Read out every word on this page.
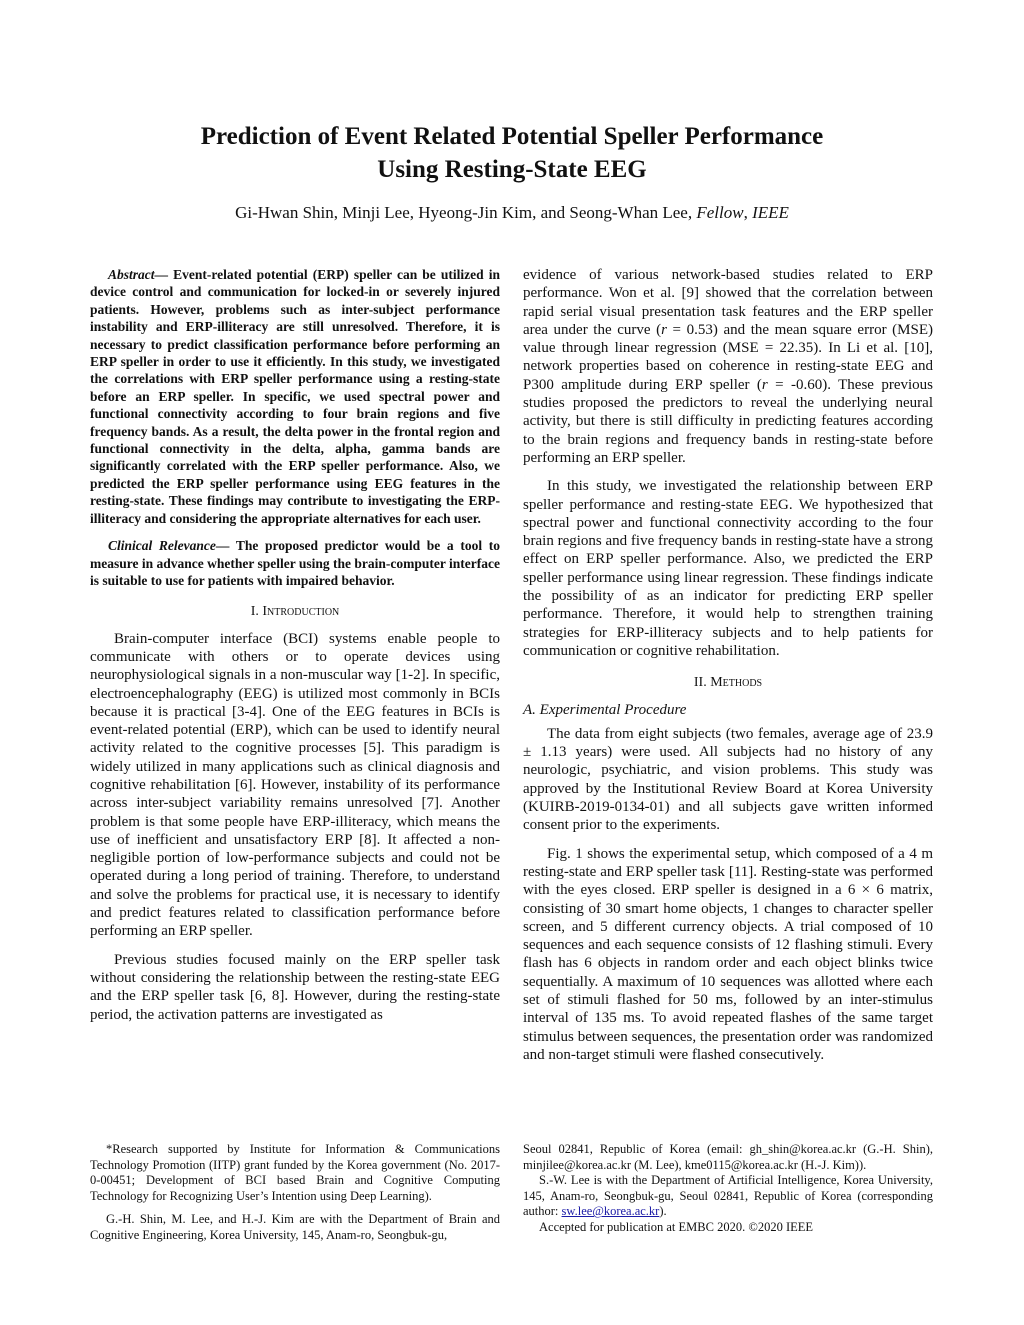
Prediction of Event Related Potential Speller Performance
Using Resting-State EEG
Gi-Hwan Shin, Minji Lee, Hyeong-Jin Kim, and Seong-Whan Lee, Fellow, IEEE

Abstract— Event-related potential (ERP) speller can be utilized in device control and communication for locked-in or severely injured patients. However, problems such as inter-subject performance instability and ERP-illiteracy are still unresolved. Therefore, it is necessary to predict classification performance before performing an ERP speller in order to use it efficiently. In this study, we investigated the correlations with ERP speller performance using a resting-state before an ERP speller. In specific, we used spectral power and functional connectivity according to four brain regions and five frequency bands. As a result, the delta power in the frontal region and functional connectivity in the delta, alpha, gamma bands are significantly correlated with the ERP speller performance. Also, we predicted the ERP speller performance using EEG features in the resting-state. These findings may contribute to investigating the ERP-illiteracy and considering the appropriate alternatives for each user.

Clinical Relevance— The proposed predictor would be a tool to measure in advance whether speller using the brain-computer interface is suitable to use for patients with impaired behavior.

I. Introduction

Brain-computer interface (BCI) systems enable people to communicate with others or to operate devices using neurophysiological signals in a non-muscular way [1-2]. In specific, electroencephalography (EEG) is utilized most commonly in BCIs because it is practical [3-4]. One of the EEG features in BCIs is event-related potential (ERP), which can be used to identify neural activity related to the cognitive processes [5]. This paradigm is widely utilized in many applications such as clinical diagnosis and cognitive rehabilitation [6]. However, instability of its performance across inter-subject variability remains unresolved [7]. Another problem is that some people have ERP-illiteracy, which means the use of inefficient and unsatisfactory ERP [8]. It affected a non-negligible portion of low-performance subjects and could not be operated during a long period of training. Therefore, to understand and solve the problems for practical use, it is necessary to identify and predict features related to classification performance before performing an ERP speller.

Previous studies focused mainly on the ERP speller task without considering the relationship between the resting-state EEG and the ERP speller task [6, 8]. However, during the resting-state period, the activation patterns are investigated as

evidence of various network-based studies related to ERP performance. Won et al. [9] showed that the correlation between rapid serial visual presentation task features and the ERP speller area under the curve (r = 0.53) and the mean square error (MSE) value through linear regression (MSE = 22.35). In Li et al. [10], network properties based on coherence in resting-state EEG and P300 amplitude during ERP speller (r = -0.60). These previous studies proposed the predictors to reveal the underlying neural activity, but there is still difficulty in predicting features according to the brain regions and frequency bands in resting-state before performing an ERP speller.

In this study, we investigated the relationship between ERP speller performance and resting-state EEG. We hypothesized that spectral power and functional connectivity according to the four brain regions and five frequency bands in resting-state have a strong effect on ERP speller performance. Also, we predicted the ERP speller performance using linear regression. These findings indicate the possibility of as an indicator for predicting ERP speller performance. Therefore, it would help to strengthen training strategies for ERP-illiteracy subjects and to help patients for communication or cognitive rehabilitation.

II. Methods
A. Experimental Procedure

The data from eight subjects (two females, average age of 23.9 ± 1.13 years) were used. All subjects had no history of any neurologic, psychiatric, and vision problems. This study was approved by the Institutional Review Board at Korea University (KUIRB-2019-0134-01) and all subjects gave written informed consent prior to the experiments.

Fig. 1 shows the experimental setup, which composed of a 4 m resting-state and ERP speller task [11]. Resting-state was performed with the eyes closed. ERP speller is designed in a 6 × 6 matrix, consisting of 30 smart home objects, 1 changes to character speller screen, and 5 different currency objects. A trial composed of 10 sequences and each sequence consists of 12 flashing stimuli. Every flash has 6 objects in random order and each object blinks twice sequentially. A maximum of 10 sequences was allotted where each set of stimuli flashed for 50 ms, followed by an inter-stimulus interval of 135 ms. To avoid repeated flashes of the same target stimulus between sequences, the presentation order was randomized and non-target stimuli were flashed consecutively.

*Research supported by Institute for Information & Communications Technology Promotion (IITP) grant funded by the Korea government (No. 2017-0-00451; Development of BCI based Brain and Cognitive Computing Technology for Recognizing User’s Intention using Deep Learning).

G.-H. Shin, M. Lee, and H.-J. Kim are with the Department of Brain and Cognitive Engineering, Korea University, 145, Anam-ro, Seongbuk-gu,

Seoul 02841, Republic of Korea (email: gh_shin@korea.ac.kr (G.-H. Shin), minjilee@korea.ac.kr (M. Lee), kme0115@korea.ac.kr (H.-J. Kim)).

S.-W. Lee is with the Department of Artificial Intelligence, Korea University, 145, Anam-ro, Seongbuk-gu, Seoul 02841, Republic of Korea (corresponding author: sw.lee@korea.ac.kr).

Accepted for publication at EMBC 2020. ©2020 IEEE
